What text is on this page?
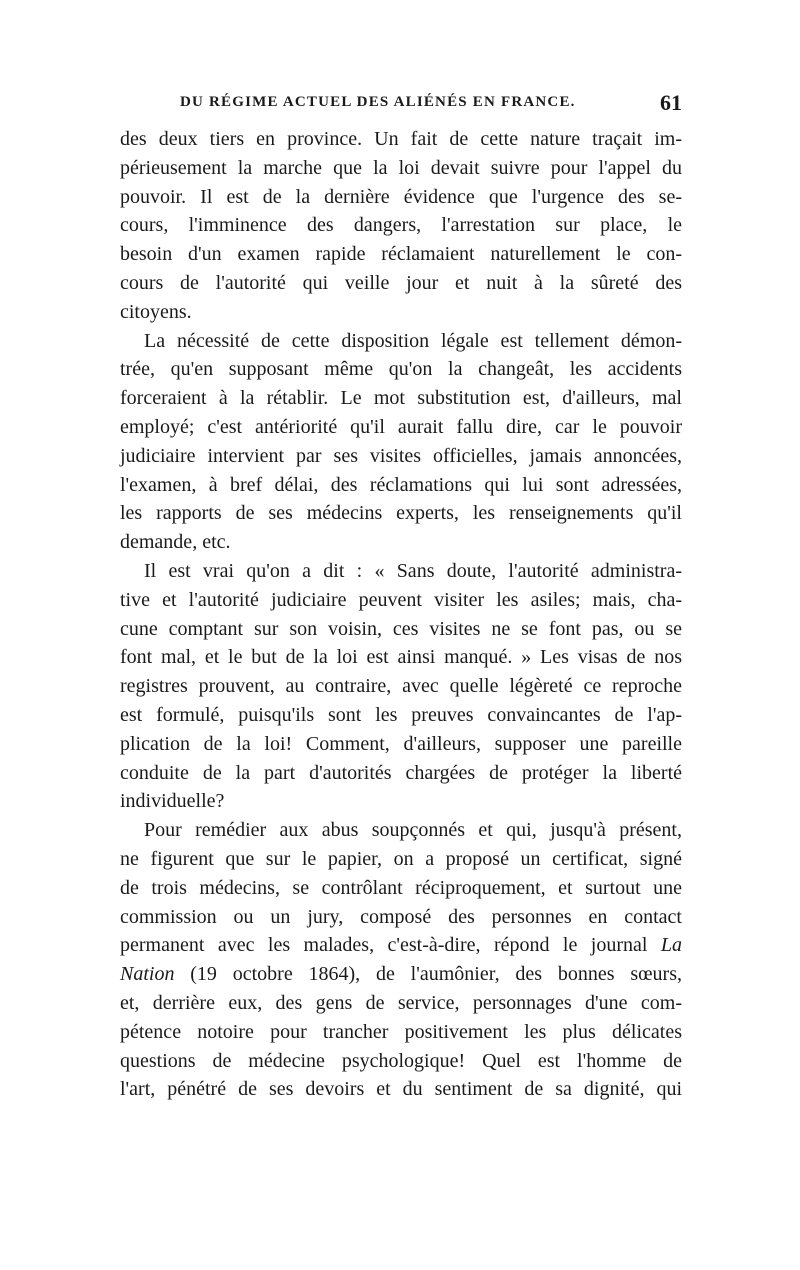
DU RÉGIME ACTUEL DES ALIÉNÉS EN FRANCE.	61
des deux tiers en province. Un fait de cette nature traçait im-
périeusement la marche que la loi devait suivre pour l'appel du
pouvoir. Il est de la dernière évidence que l'urgence des se-
cours, l'imminence des dangers, l'arrestation sur place, le
besoin d'un examen rapide réclamaient naturellement le con-
cours de l'autorité qui veille jour et nuit à la sûreté des
citoyens.
La nécessité de cette disposition légale est tellement démon-
trée, qu'en supposant même qu'on la changeât, les accidents
forceraient à la rétablir. Le mot substitution est, d'ailleurs, mal
employé; c'est antériorité qu'il aurait fallu dire, car le pouvoir
judiciaire intervient par ses visites officielles, jamais annoncées,
l'examen, à bref délai, des réclamations qui lui sont adressées,
les rapports de ses médecins experts, les renseignements qu'il
demande, etc.
Il est vrai qu'on a dit : « Sans doute, l'autorité administra-
tive et l'autorité judiciaire peuvent visiter les asiles; mais, cha-
cune comptant sur son voisin, ces visites ne se font pas, ou se
font mal, et le but de la loi est ainsi manqué. » Les visas de nos
registres prouvent, au contraire, avec quelle légèreté ce reproche
est formulé, puisqu'ils sont les preuves convaincantes de l'ap-
plication de la loi! Comment, d'ailleurs, supposer une pareille
conduite de la part d'autorités chargées de protéger la liberté
individuelle?
Pour remédier aux abus soupçonnés et qui, jusqu'à présent,
ne figurent que sur le papier, on a proposé un certificat, signé
de trois médecins, se contrôlant réciproquement, et surtout une
commission ou un jury, composé des personnes en contact
permanent avec les malades, c'est-à-dire, répond le journal La
Nation (19 octobre 1864), de l'aumônier, des bonnes sœurs,
et, derrière eux, des gens de service, personnages d'une com-
pétence notoire pour trancher positivement les plus délicates
questions de médecine psychologique! Quel est l'homme de
l'art, pénétré de ses devoirs et du sentiment de sa dignité, qui
